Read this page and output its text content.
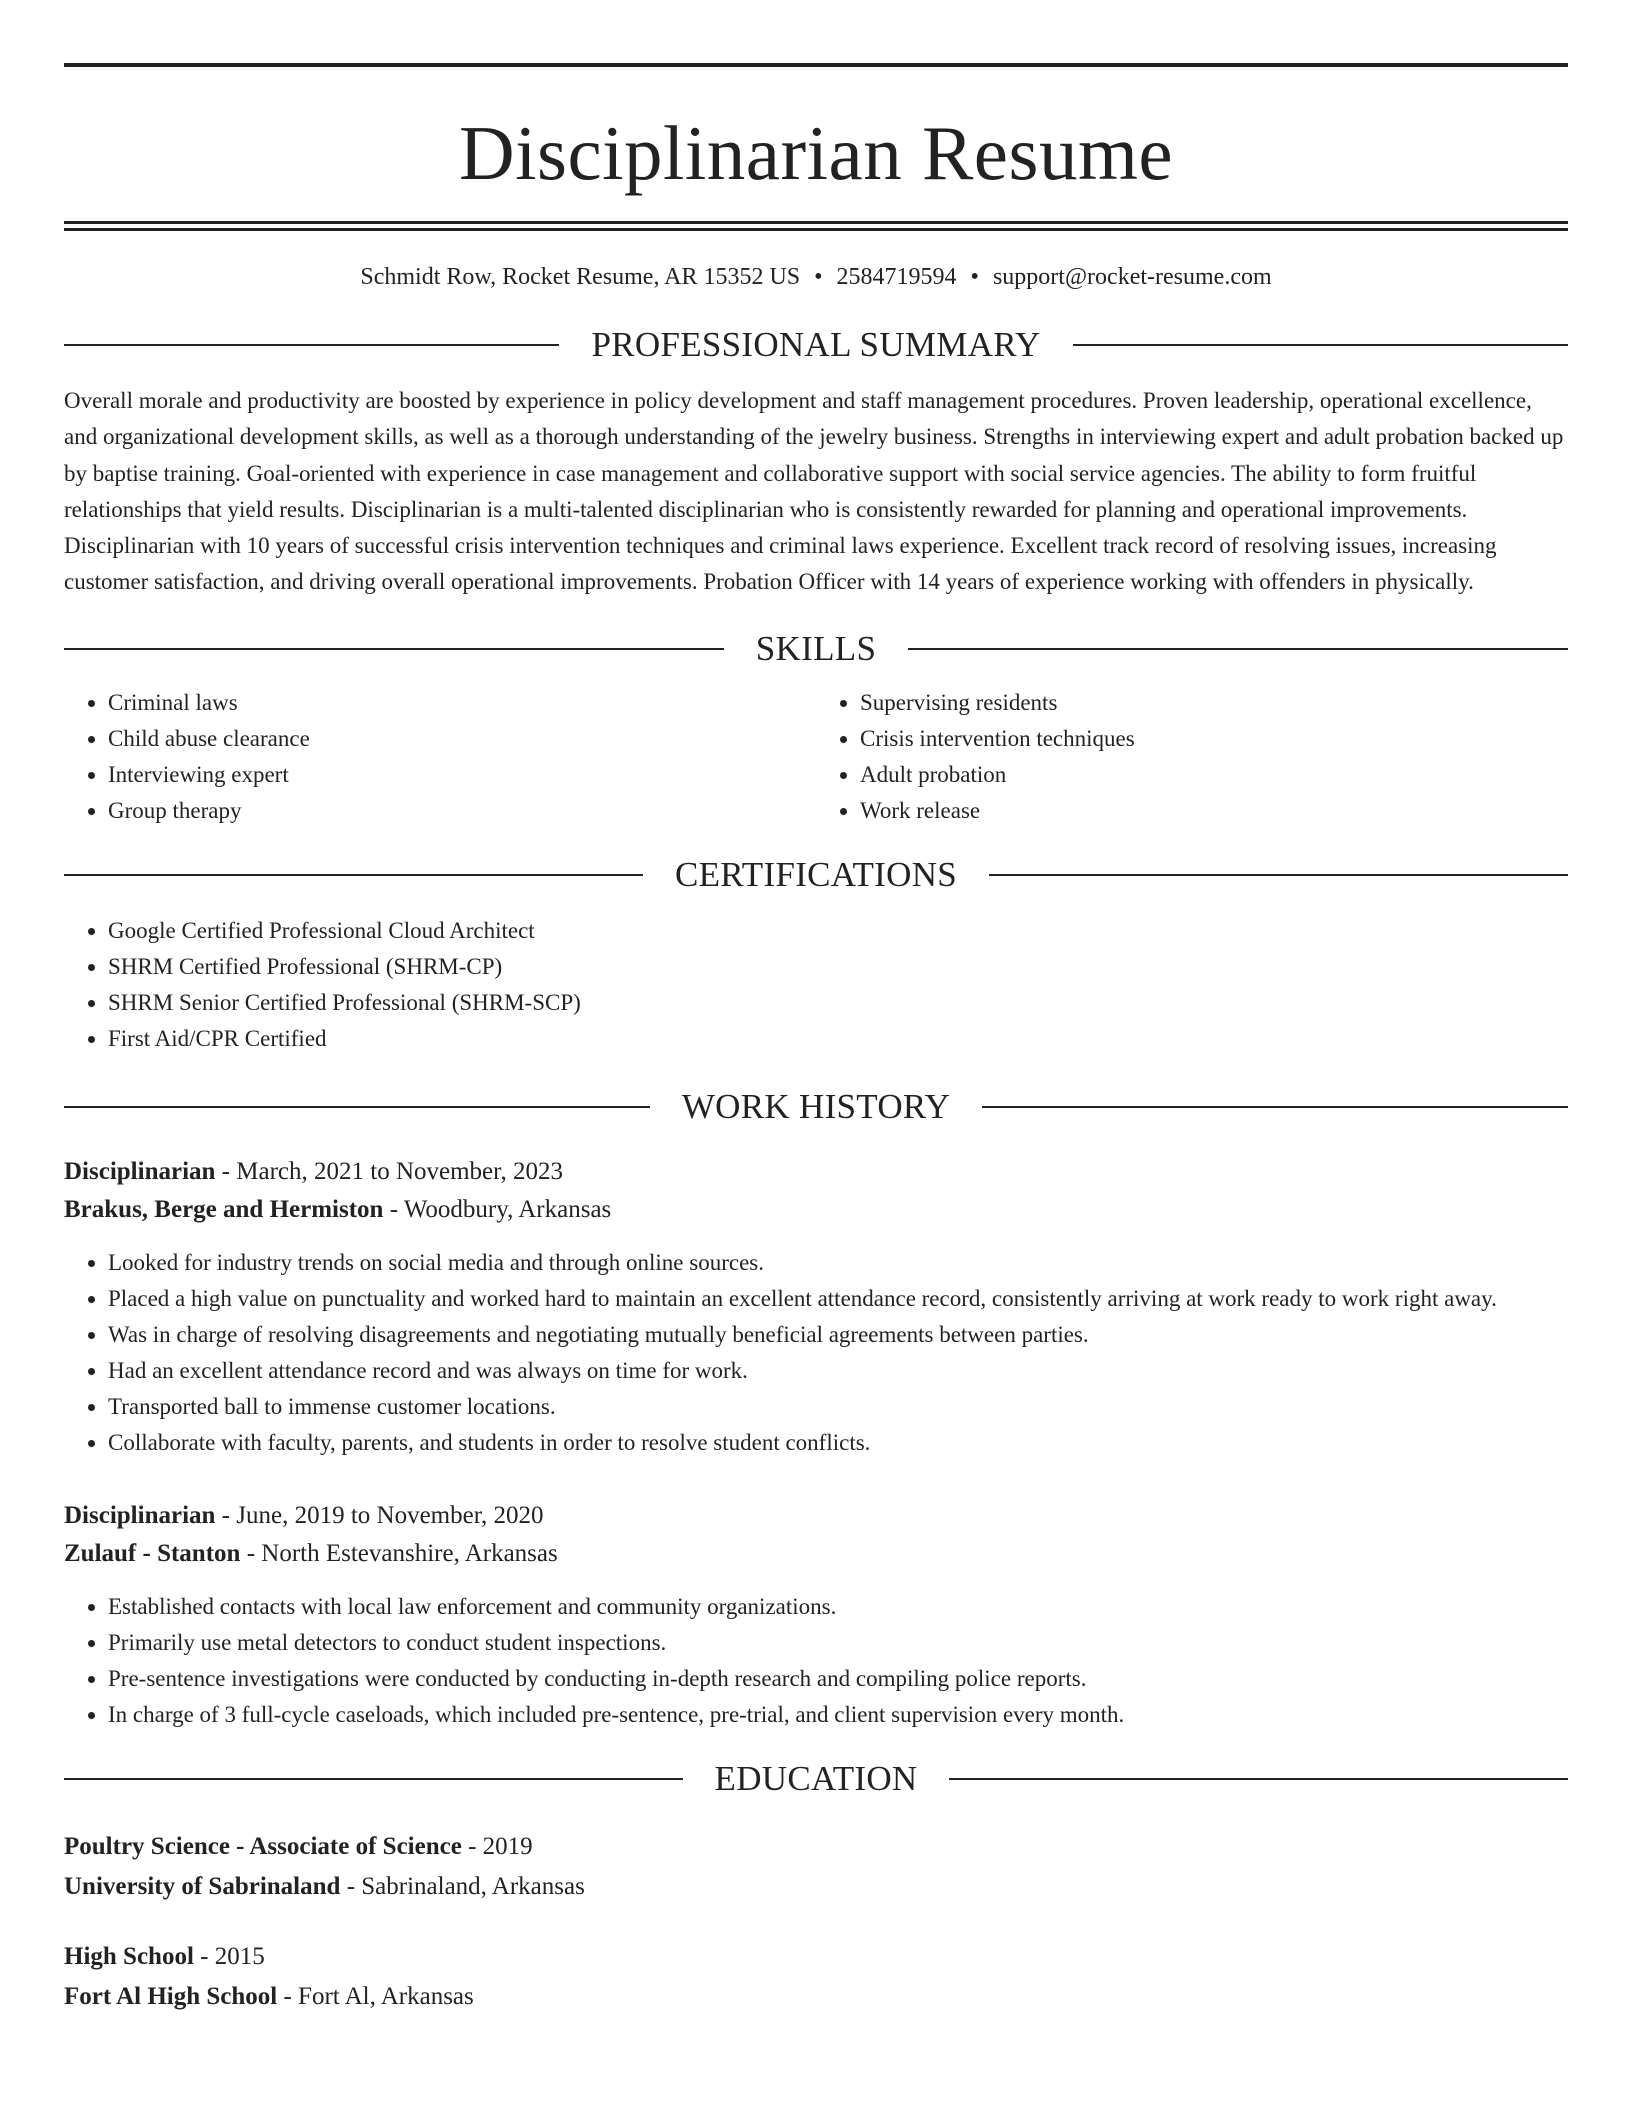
Disciplinarian Resume
Schmidt Row, Rocket Resume, AR 15352 US • 2584719594 • support@rocket-resume.com
PROFESSIONAL SUMMARY
Overall morale and productivity are boosted by experience in policy development and staff management procedures. Proven leadership, operational excellence, and organizational development skills, as well as a thorough understanding of the jewelry business. Strengths in interviewing expert and adult probation backed up by baptise training. Goal-oriented with experience in case management and collaborative support with social service agencies. The ability to form fruitful relationships that yield results. Disciplinarian is a multi-talented disciplinarian who is consistently rewarded for planning and operational improvements. Disciplinarian with 10 years of successful crisis intervention techniques and criminal laws experience. Excellent track record of resolving issues, increasing customer satisfaction, and driving overall operational improvements. Probation Officer with 14 years of experience working with offenders in physically.
SKILLS
• Criminal laws
• Child abuse clearance
• Interviewing expert
• Group therapy
• Supervising residents
• Crisis intervention techniques
• Adult probation
• Work release
CERTIFICATIONS
• Google Certified Professional Cloud Architect
• SHRM Certified Professional (SHRM-CP)
• SHRM Senior Certified Professional (SHRM-SCP)
• First Aid/CPR Certified
WORK HISTORY
Disciplinarian - March, 2021 to November, 2023
Brakus, Berge and Hermiston - Woodbury, Arkansas
• Looked for industry trends on social media and through online sources.
• Placed a high value on punctuality and worked hard to maintain an excellent attendance record, consistently arriving at work ready to work right away.
• Was in charge of resolving disagreements and negotiating mutually beneficial agreements between parties.
• Had an excellent attendance record and was always on time for work.
• Transported ball to immense customer locations.
• Collaborate with faculty, parents, and students in order to resolve student conflicts.
Disciplinarian - June, 2019 to November, 2020
Zulauf - Stanton - North Estevanshire, Arkansas
• Established contacts with local law enforcement and community organizations.
• Primarily use metal detectors to conduct student inspections.
• Pre-sentence investigations were conducted by conducting in-depth research and compiling police reports.
• In charge of 3 full-cycle caseloads, which included pre-sentence, pre-trial, and client supervision every month.
EDUCATION
Poultry Science - Associate of Science - 2019
University of Sabrinaland - Sabrinaland, Arkansas
High School - 2015
Fort Al High School - Fort Al, Arkansas
